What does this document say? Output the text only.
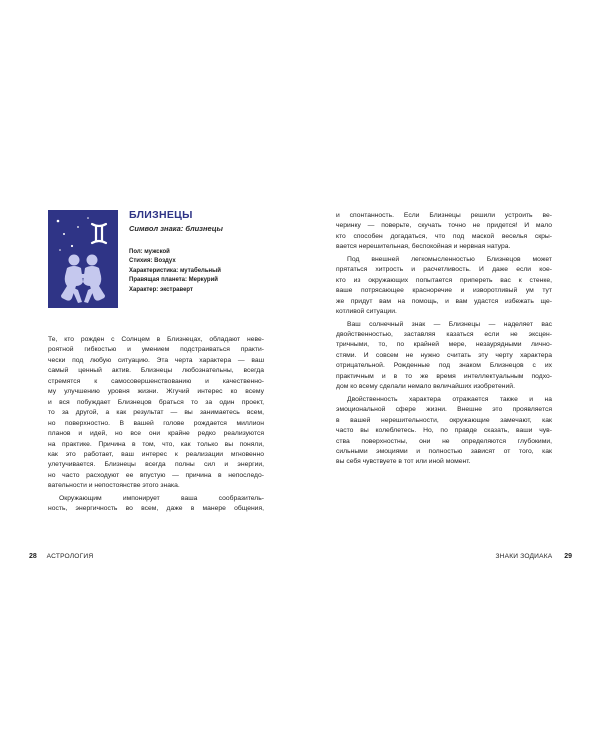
БЛИЗНЕЦЫ

Символ знака: близнецы

Пол: мужской
Стихия: Воздух
Характеристика: мутабельный
Правящая планета: Меркурий
Характер: экстраверт
Те, кто рожден с Солнцем в Близнецах, обладают неве-
роятной гибкостью и умением подстраиваться практи-
чески под любую ситуацию. Эта черта характера — ваш
самый ценный актив. Близнецы любознательны, всегда
стремятся к самосовершенствованию и качественно-
му улучшению уровня жизни. Жгучий интерес ко всему
и вся побуждает Близнецов браться то за один проект,
то за другой, а как результат — вы занимаетесь всем,
но поверхностно. В вашей голове рождается миллион
планов и идей, но все они крайне редко реализуются
на практике. Причина в том, что, как только вы поняли,
как это работает, ваш интерес к реализации мгновенно
улетучивается. Близнецы всегда полны сил и энергии,
но часто расходуют ее впустую — причина в непоследо-
вательности и непостоянстве этого знака.
Окружающим импонирует ваша сообразитель-
ность, энергичность во всем, даже в манере общения,
и спонтанность. Если Близнецы решили устроить ве-
черинку — поверьте, скучать точно не придется! И мало
кто способен догадаться, что под маской веселья скры-
вается нерешительная, беспокойная и нервная натура.
Под внешней легкомысленностью Близнецов может
прятаться хитрость и расчетливость. И даже если кое-
кто из окружающих попытается припереть вас к стенке,
ваше потрясающее красноречие и изворотливый ум тут
же придут вам на помощь, и вам удастся избежать ще-
котливой ситуации.
Ваш солнечный знак — Близнецы — наделяет вас
двойственностью, заставляя казаться если не эксцен-
тричными, то, по крайней мере, незаурядными лично-
стями. И совсем не нужно считать эту черту характера
отрицательной. Рожденные под знаком Близнецов с их
практичным и в то же время интеллектуальным подхо-
дом ко всему сделали немало величайших изобретений.
Двойственность характера отражается также и на
эмоциональной сфере жизни. Внешне это проявляется
в вашей нерешительности, окружающие замечают, как
часто вы колеблетесь. Но, по правде сказать, ваши чув-
ства поверхностны, они не определяются глубокими,
сильными эмоциями и полностью зависят от того, как
вы себя чувствуете в тот или иной момент.
28 АСТРОЛОГИЯ	ЗНАКИ ЗОДИАКА 29
